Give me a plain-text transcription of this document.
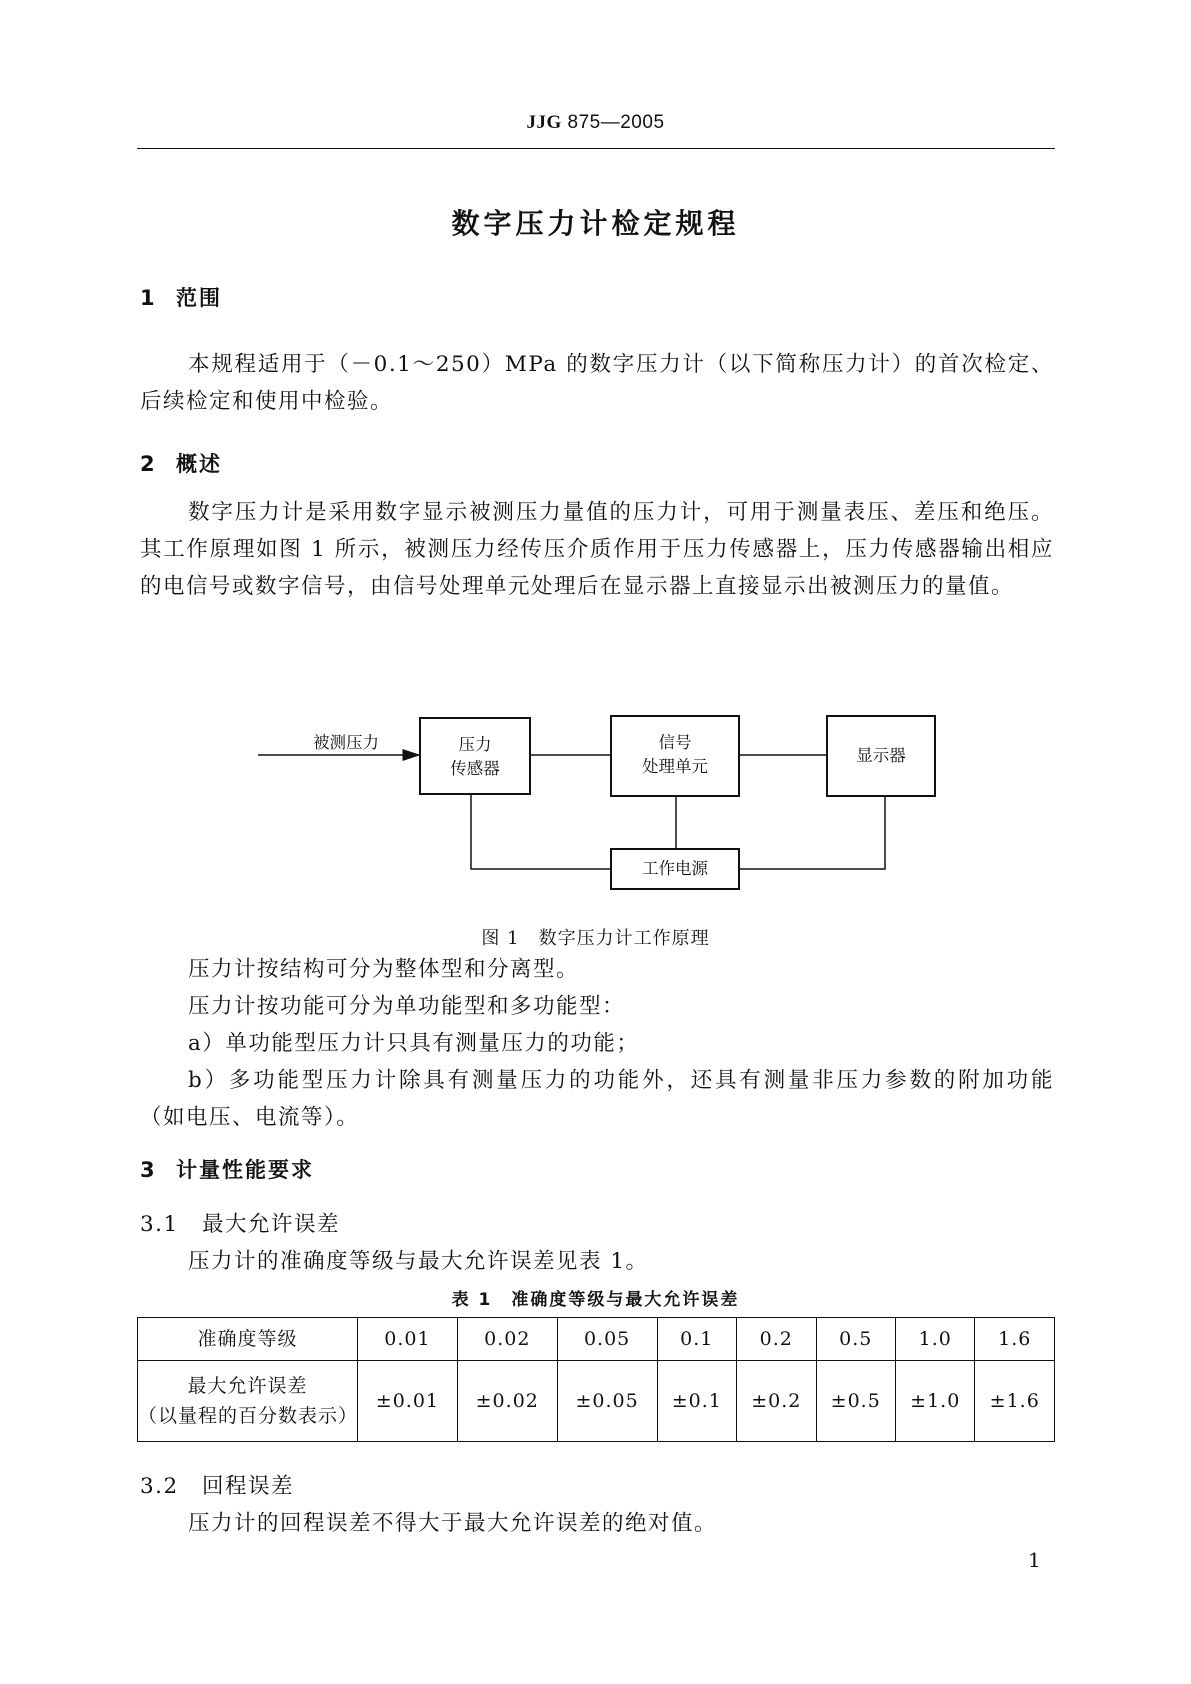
JJG 875—2005
数字压力计检定规程
1 范围
本规程适用于（－0.1～250）MPa 的数字压力计（以下简称压力计）的首次检定、后续检定和使用中检验。
2 概述
数字压力计是采用数字显示被测压力量值的压力计，可用于测量表压、差压和绝压。其工作原理如图 1 所示，被测压力经传压介质作用于压力传感器上，压力传感器输出相应的电信号或数字信号，由信号处理单元处理后在显示器上直接显示出被测压力的量值。
被测压力	压力
传感器
信号
处理单元
显示器
工作电源
图 1　数字压力计工作原理
压力计按结构可分为整体型和分离型。
压力计按功能可分为单功能型和多功能型：
a）单功能型压力计只具有测量压力的功能；
b）多功能型压力计除具有测量压力的功能外，还具有测量非压力参数的附加功能（如电压、电流等）。
3 计量性能要求
3.1 最大允许误差
压力计的准确度等级与最大允许误差见表 1。
表 1　准确度等级与最大允许误差
准确度等级	0.01	0.02	0.05	0.1	0.2	0.5	1.0	1.6

最大允许误差
（以量程的百分数表示）	±0.01	±0.02	±0.05	±0.1	±0.2	±0.5	±1.0	±1.6
3.2 回程误差
压力计的回程误差不得大于最大允许误差的绝对值。
1
